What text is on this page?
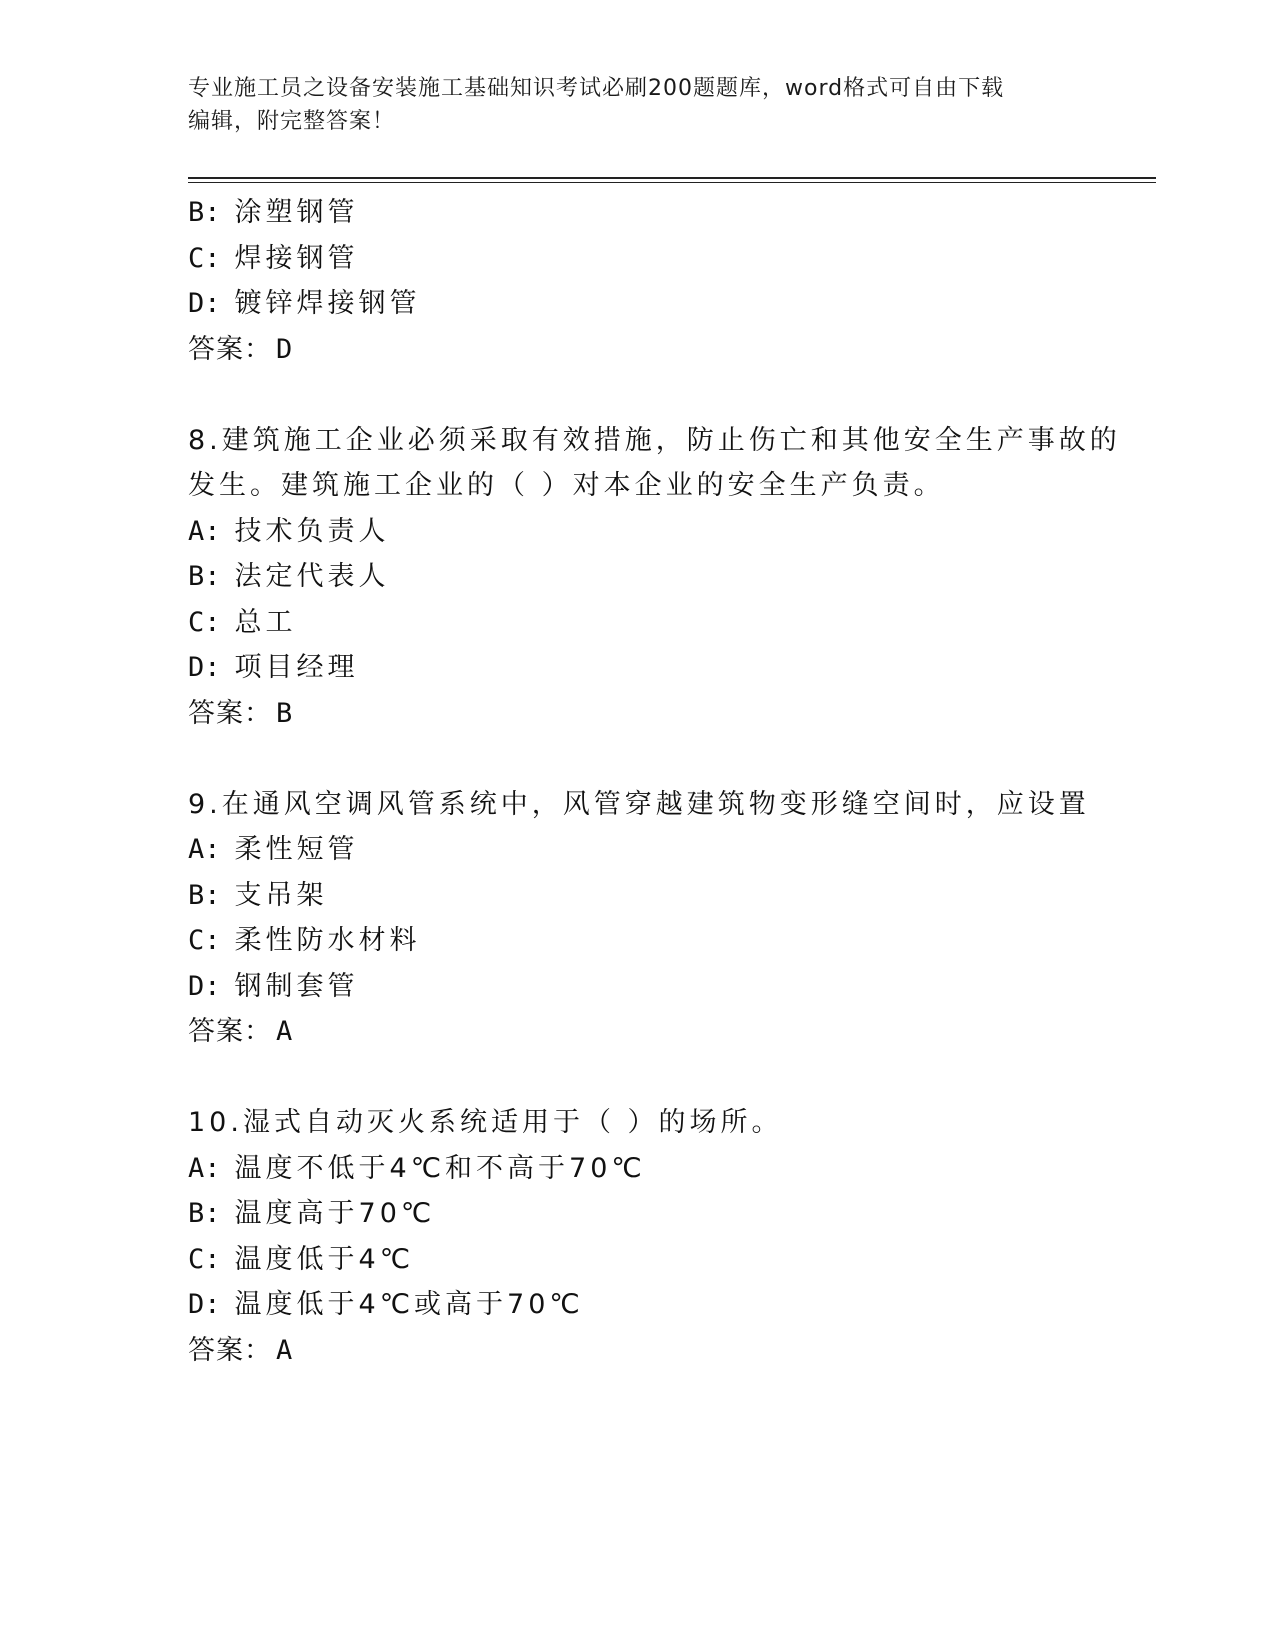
专业施工员之设备安装施工基础知识考试必刷200题题库，word格式可自由下载
编辑，附完整答案！
B: 涂塑钢管
C: 焊接钢管
D: 镀锌焊接钢管
答案： D
8.建筑施工企业必须采取有效措施，防止伤亡和其他安全生产事故的
发生。建筑施工企业的（ ）对本企业的安全生产负责。
A: 技术负责人
B: 法定代表人
C: 总工
D: 项目经理
答案： B
9.在通风空调风管系统中，风管穿越建筑物变形缝空间时，应设置
A: 柔性短管
B: 支吊架
C: 柔性防水材料
D: 钢制套管
答案： A
10.湿式自动灭火系统适用于（ ）的场所。
A: 温度不低于4℃和不高于70℃
B: 温度高于70℃
C: 温度低于4℃
D: 温度低于4℃或高于70℃
答案： A
